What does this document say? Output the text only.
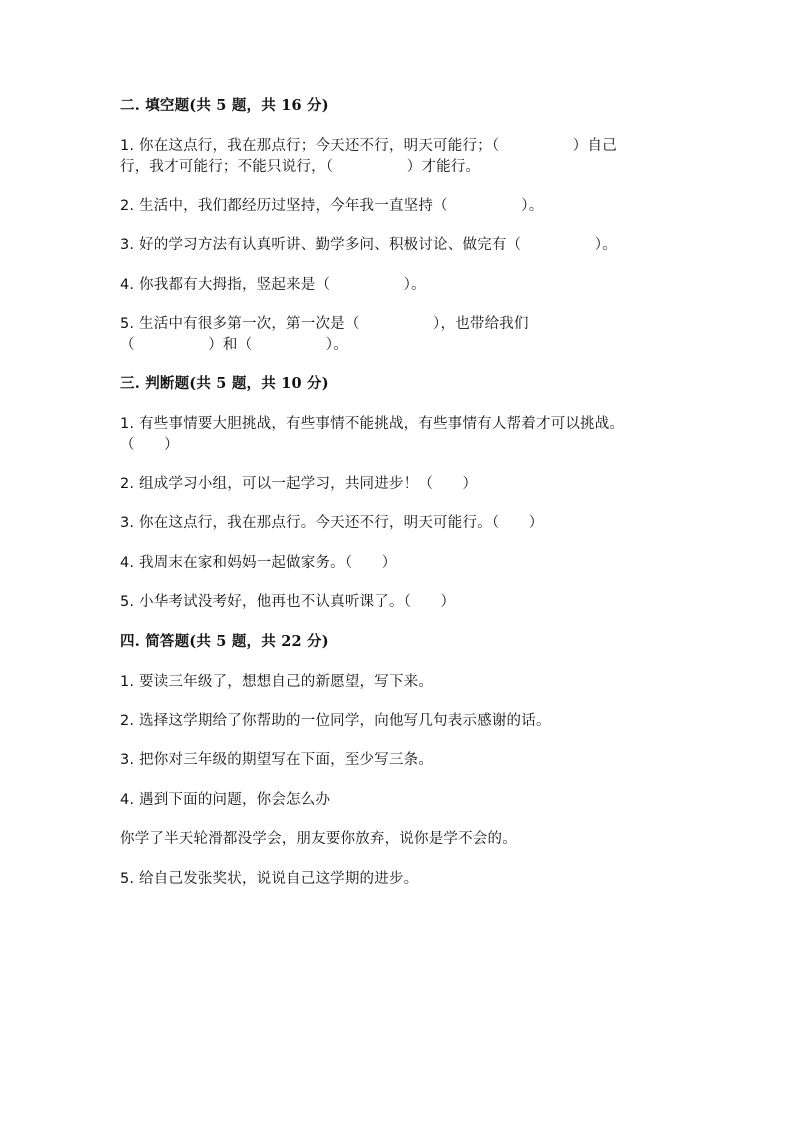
二. 填空题(共 5 题，共 16 分)
1. 你在这点行，我在那点行；今天还不行，明天可能行；（　　　　　）自己
行，我才可能行；不能只说行，（　　　　　）才能行。
2. 生活中，我们都经历过坚持，今年我一直坚持（　　　　　）。
3. 好的学习方法有认真听讲、勤学多问、积极讨论、做完有（　　　　　）。
4. 你我都有大拇指，竖起来是（　　　　　）。
5. 生活中有很多第一次，第一次是（　　　　　），也带给我们
（　　　　　）和（　　　　　）。
三. 判断题(共 5 题，共 10 分)
1. 有些事情要大胆挑战，有些事情不能挑战，有些事情有人帮着才可以挑战。
（　　）
2. 组成学习小组，可以一起学习，共同进步！（　　）
3. 你在这点行，我在那点行。今天还不行，明天可能行。（　　）
4. 我周末在家和妈妈一起做家务。（　　）
5. 小华考试没考好，他再也不认真听课了。（　　）
四. 简答题(共 5 题，共 22 分)
1. 要读三年级了，想想自己的新愿望，写下来。
2. 选择这学期给了你帮助的一位同学，向他写几句表示感谢的话。
3. 把你对三年级的期望写在下面，至少写三条。
4. 遇到下面的问题，你会怎么办
你学了半天轮滑都没学会，朋友要你放弃，说你是学不会的。
5. 给自己发张奖状，说说自己这学期的进步。
